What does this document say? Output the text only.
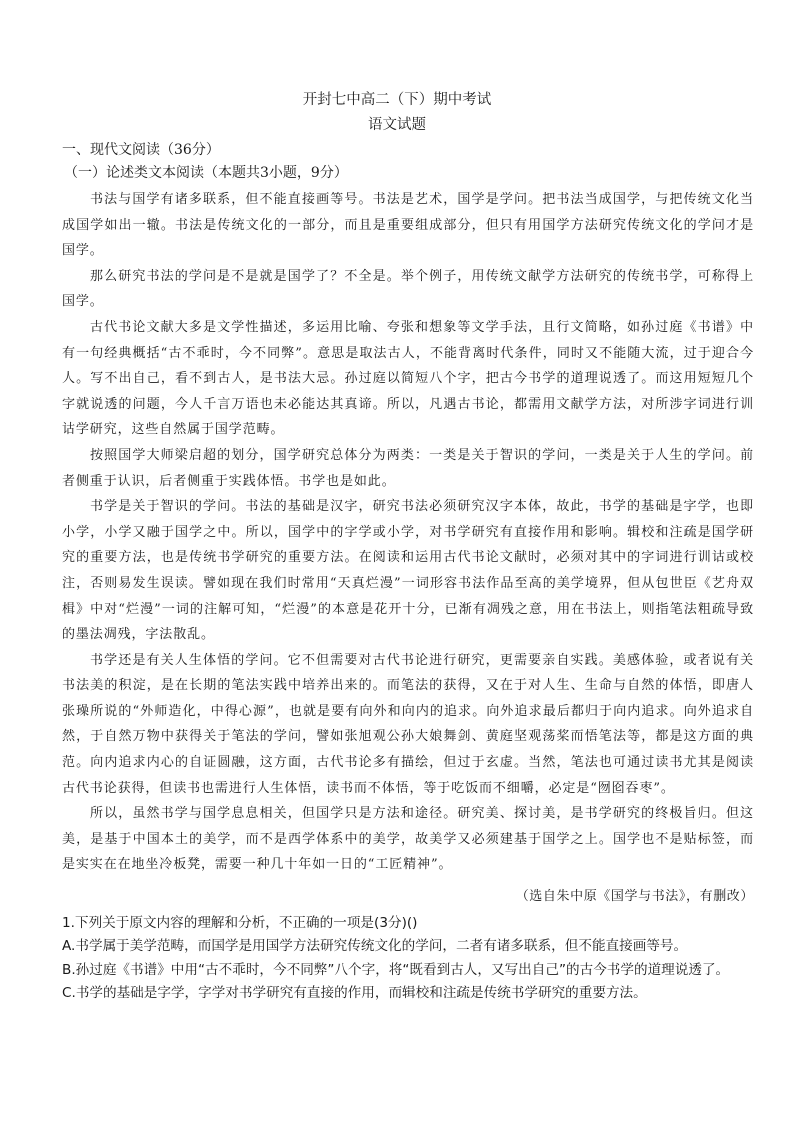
开封七中高二（下）期中考试
语文试题
一、现代文阅读（36分）
（一）论述类文本阅读（本题共3小题，9分）

书法与国学有诸多联系，但不能直接画等号。书法是艺术，国学是学问。把书法当成国学，与把传统文化当成国学如出一辙。书法是传统文化的一部分，而且是重要组成部分，但只有用国学方法研究传统文化的学问才是国学。

那么研究书法的学问是不是就是国学了？不全是。举个例子，用传统文献学方法研究的传统书学，可称得上国学。

古代书论文献大多是文学性描述，多运用比喻、夸张和想象等文学手法，且行文简略，如孙过庭《书谱》中有一句经典概括“古不乖时，今不同弊”。意思是取法古人，不能背离时代条件，同时又不能随大流，过于迎合今人。写不出自己，看不到古人，是书法大忌。孙过庭以简短八个字，把古今书学的道理说透了。而这用短短几个字就说透的问题，今人千言万语也未必能达其真谛。所以，凡遇古书论，都需用文献学方法，对所涉字词进行训诂学研究，这些自然属于国学范畴。

按照国学大师梁启超的划分，国学研究总体分为两类：一类是关于智识的学问，一类是关于人生的学问。前者侧重于认识，后者侧重于实践体悟。书学也是如此。

书学是关于智识的学问。书法的基础是汉字，研究书法必须研究汉字本体，故此，书学的基础是字学，也即小学，小学又融于国学之中。所以，国学中的字学或小学，对书学研究有直接作用和影响。辑校和注疏是国学研究的重要方法，也是传统书学研究的重要方法。在阅读和运用古代书论文献时，必须对其中的字词进行训诂或校注，否则易发生误读。譬如现在我们时常用“天真烂漫”一词形容书法作品至高的美学境界，但从包世臣《艺舟双楫》中对“烂漫”一词的注解可知，“烂漫”的本意是花开十分，已渐有凋残之意，用在书法上，则指笔法粗疏导致的墨法凋残，字法散乱。

书学还是有关人生体悟的学问。它不但需要对古代书论进行研究，更需要亲自实践。美感体验，或者说有关书法美的积淀，是在长期的笔法实践中培养出来的。而笔法的获得，又在于对人生、生命与自然的体悟，即唐人张璪所说的“外师造化，中得心源”，也就是要有向外和向内的追求。向外追求最后都归于向内追求。向外追求自然，于自然万物中获得关于笔法的学问，譬如张旭观公孙大娘舞剑、黄庭坚观荡桨而悟笔法等，都是这方面的典范。向内追求内心的自证圆融，这方面，古代书论多有描绘，但过于玄虚。当然，笔法也可通过读书尤其是阅读古代书论获得，但读书也需进行人生体悟，读书而不体悟，等于吃饭而不细嚼，必定是“囫囵吞枣”。

所以，虽然书学与国学息息相关，但国学只是方法和途径。研究美、探讨美，是书学研究的终极旨归。但这美，是基于中国本土的美学，而不是西学体系中的美学，故美学又必须建基于国学之上。国学也不是贴标签，而是实实在在地坐冷板凳，需要一种几十年如一日的“工匠精神”。

（选自朱中原《国学与书法》，有删改）
1.下列关于原文内容的理解和分析，不正确的一项是(3分)()
A.书学属于美学范畴，而国学是用国学方法研究传统文化的学问，二者有诸多联系，但不能直接画等号。
B.孙过庭《书谱》中用“古不乖时，今不同弊”八个字，将“既看到古人，又写出自己”的古今书学的道理说透了。
C.书学的基础是字学，字学对书学研究有直接的作用，而辑校和注疏是传统书学研究的重要方法。
